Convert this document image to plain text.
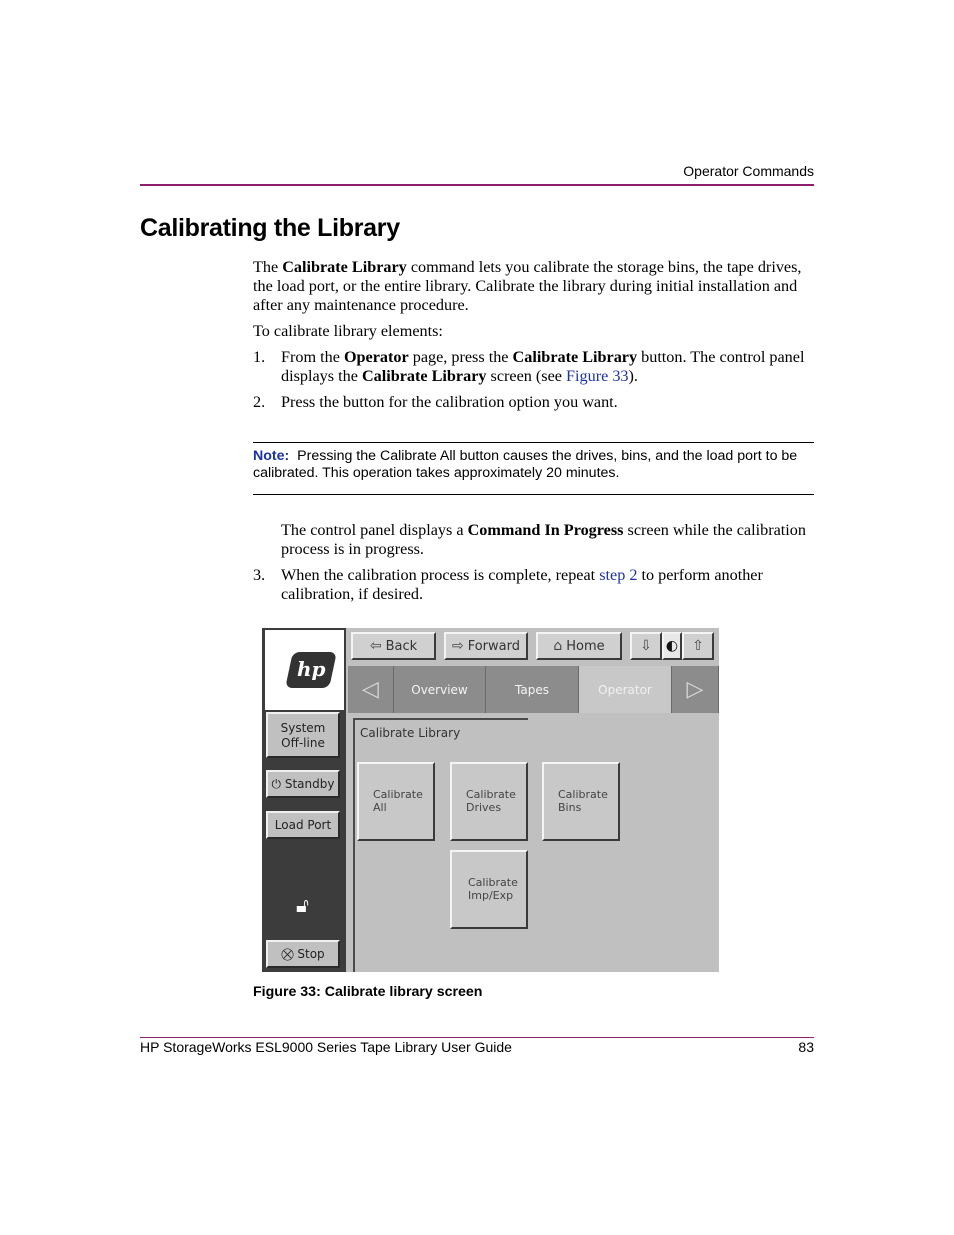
Operator Commands
Calibrating the Library

The Calibrate Library command lets you calibrate the storage bins, the tape drives, the load port, or the entire library. Calibrate the library during initial installation and after any maintenance procedure.

To calibrate library elements:

1. From the Operator page, press the Calibrate Library button. The control panel displays the Calibrate Library screen (see Figure 33).
2. Press the button for the calibration option you want.
Note: Pressing the Calibrate All button causes the drives, bins, and the load port to be calibrated. This operation takes approximately 20 minutes.

The control panel displays a Command In Progress screen while the calibration process is in progress.

3. When the calibration process is complete, repeat step 2 to perform another calibration, if desired.
hp
System
Off-line
⏻ Standby
Load Port
🔓︎
⛒ Stop
⇦ Back ⇨ Forward ⌂ Home	⇩ ◐ ⇧
◁	Overview	Tapes	Operator	▷
Calibrate Library
Calibrate
All
Calibrate
Drives
Calibrate
Bins
Calibrate
Imp/Exp
Figure 33: Calibrate library screen
HP StorageWorks ESL9000 Series Tape Library User Guide	83
